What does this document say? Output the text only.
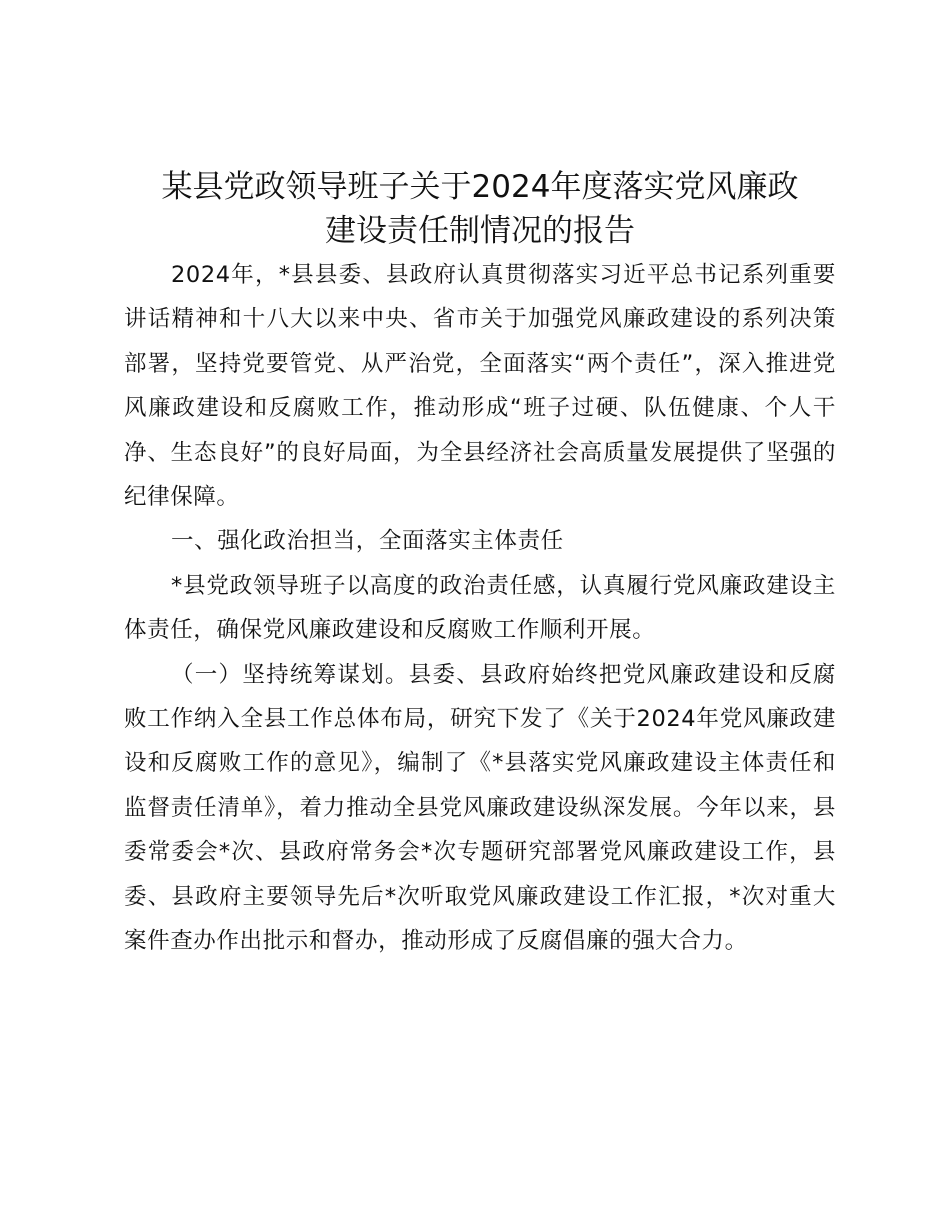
某县党政领导班子关于2024年度落实党风廉政
建设责任制情况的报告

2024年，*县县委、县政府认真贯彻落实习近平总书记系列重要讲话精神和十八大以来中央、省市关于加强党风廉政建设的系列决策部署，坚持党要管党、从严治党，全面落实“两个责任”，深入推进党风廉政建设和反腐败工作，推动形成“班子过硬、队伍健康、个人干净、生态良好”的良好局面，为全县经济社会高质量发展提供了坚强的纪律保障。

一、强化政治担当，全面落实主体责任

*县党政领导班子以高度的政治责任感，认真履行党风廉政建设主体责任，确保党风廉政建设和反腐败工作顺利开展。

（一）坚持统筹谋划。县委、县政府始终把党风廉政建设和反腐败工作纳入全县工作总体布局，研究下发了《关于2024年党风廉政建设和反腐败工作的意见》，编制了《*县落实党风廉政建设主体责任和监督责任清单》，着力推动全县党风廉政建设纵深发展。今年以来，县委常委会*次、县政府常务会*次专题研究部署党风廉政建设工作，县委、县政府主要领导先后*次听取党风廉政建设工作汇报，*次对重大案件查办作出批示和督办，推动形成了反腐倡廉的强大合力。
